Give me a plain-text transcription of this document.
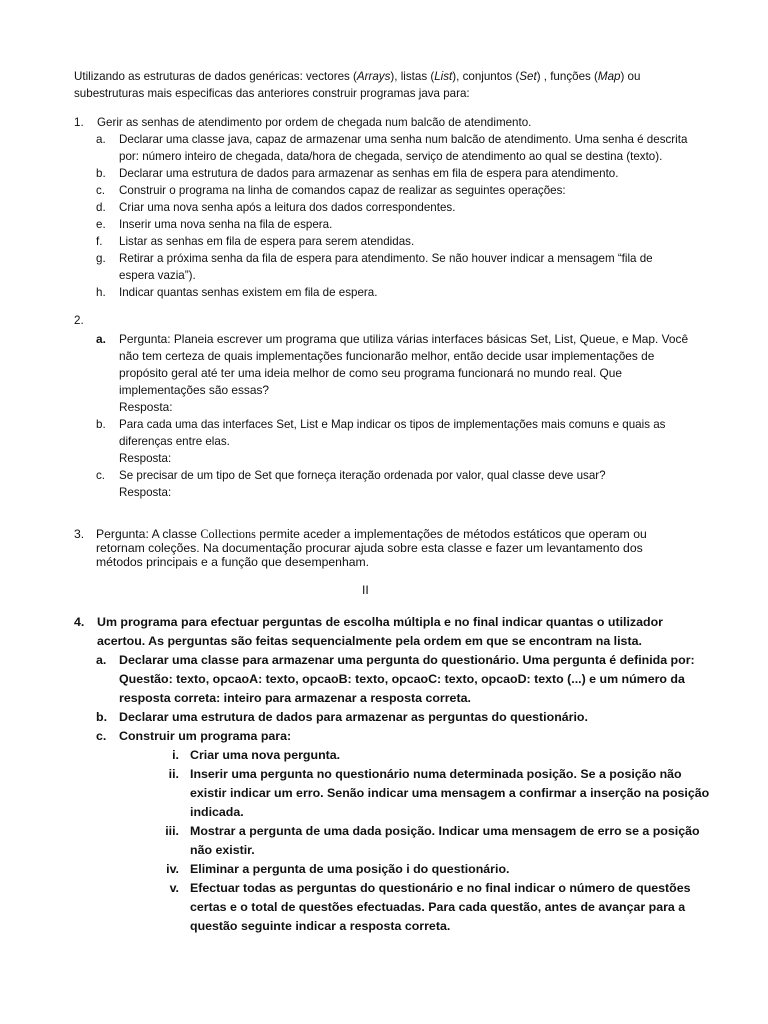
Utilizando as estruturas de dados genéricas: vectores (Arrays), listas (List), conjuntos (Set) , funções (Map) ou
subestruturas mais especificas das anteriores construir programas java para:
1. Gerir as senhas de atendimento por ordem de chegada num balcão de atendimento.
a. Declarar uma classe java, capaz de armazenar uma senha num balcão de atendimento. Uma senha é descrita
por: número inteiro de chegada, data/hora de chegada, serviço de atendimento ao qual se destina (texto).
b. Declarar uma estrutura de dados para armazenar as senhas em fila de espera para atendimento.
c. Construir o programa na linha de comandos capaz de realizar as seguintes operações:
d. Criar uma nova senha após a leitura dos dados correspondentes.
e. Inserir uma nova senha na fila de espera.
f. Listar as senhas em fila de espera para serem atendidas.
g. Retirar a próxima senha da fila de espera para atendimento. Se não houver indicar a mensagem “fila de
espera vazia”).
h. Indicar quantas senhas existem em fila de espera.
2.
a. Pergunta: Planeia escrever um programa que utiliza várias interfaces básicas Set, List, Queue, e Map. Você
não tem certeza de quais implementações funcionarão melhor, então decide usar implementações de
propósito geral até ter uma ideia melhor de como seu programa funcionará no mundo real. Que
implementações são essas?
Resposta:
b. Para cada uma das interfaces Set, List e Map indicar os tipos de implementações mais comuns e quais as
diferenças entre elas.
Resposta:
c. Se precisar de um tipo de Set que forneça iteração ordenada por valor, qual classe deve usar?
Resposta:
3. Pergunta: A classe Collections permite aceder a implementações de métodos estáticos que operam ou
retornam coleções. Na documentação procurar ajuda sobre esta classe e fazer um levantamento dos
métodos principais e a função que desempenham.
II
4. Um programa para efectuar perguntas de escolha múltipla e no final indicar quantas o utilizador
acertou. As perguntas são feitas sequencialmente pela ordem em que se encontram na lista.
a. Declarar uma classe para armazenar uma pergunta do questionário. Uma pergunta é definida por:
Questão: texto, opcaoA: texto, opcaoB: texto, opcaoC: texto, opcaoD: texto (...) e um número da
resposta correta: inteiro para armazenar a resposta correta.
b. Declarar uma estrutura de dados para armazenar as perguntas do questionário.
c. Construir um programa para:
i. Criar uma nova pergunta.
ii. Inserir uma pergunta no questionário numa determinada posição. Se a posição não
existir indicar um erro. Senão indicar uma mensagem a confirmar a inserção na posição
indicada.
iii. Mostrar a pergunta de uma dada posição. Indicar uma mensagem de erro se a posição
não existir.
iv. Eliminar a pergunta de uma posição i do questionário.
v. Efectuar todas as perguntas do questionário e no final indicar o número de questões
certas e o total de questões efectuadas. Para cada questão, antes de avançar para a
questão seguinte indicar a resposta correta.
